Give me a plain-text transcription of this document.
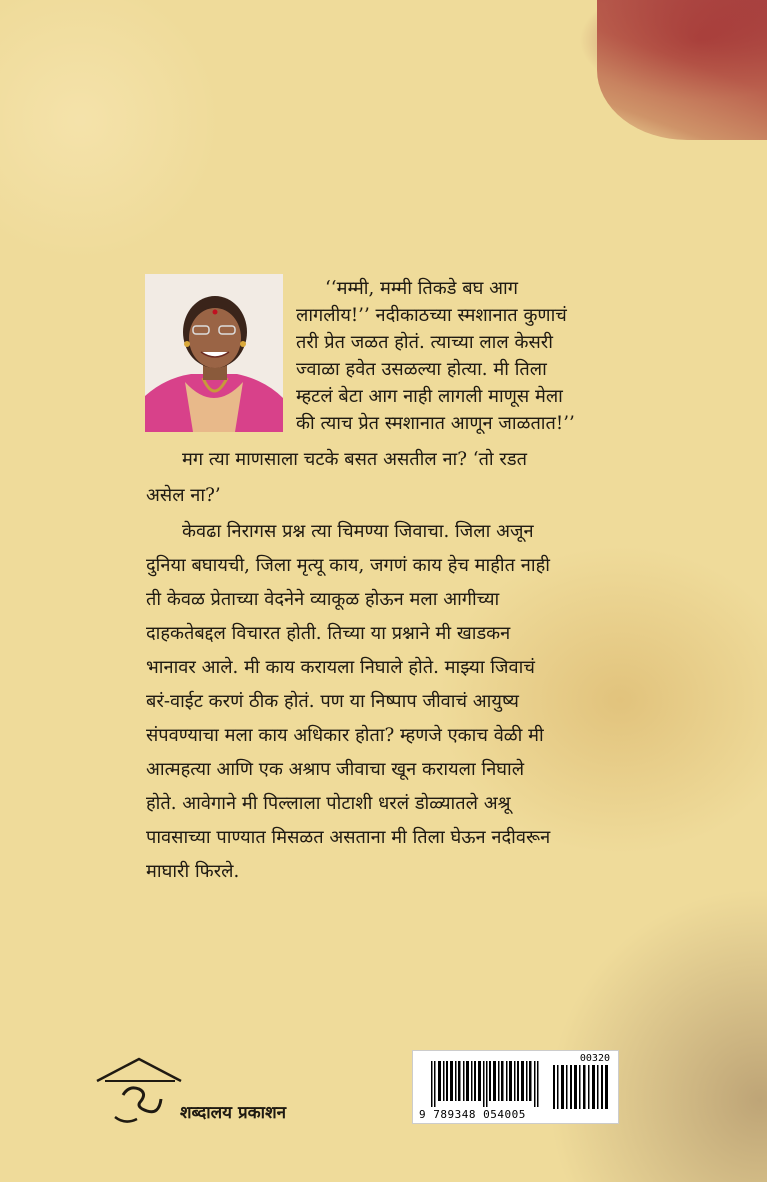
‘‘मम्मी, मम्मी तिकडे बघ आग
लागलीय!’’ नदीकाठच्या स्मशानात कुणाचं
तरी प्रेत जळत होतं. त्याच्या लाल केसरी
ज्वाळा हवेत उसळल्या होत्या. मी तिला
म्हटलं बेटा आग नाही लागली माणूस मेला
की त्याच प्रेत स्मशानात आणून जाळतात!’’
मग त्या माणसाला चटके बसत असतील ना? ‘तो रडत
असेल ना?’
केवढा निरागस प्रश्न त्या चिमण्या जिवाचा. जिला अजून
दुनिया बघायची, जिला मृत्यू काय, जगणं काय हेच माहीत नाही
ती केवळ प्रेताच्या वेदनेने व्याकूळ होऊन मला आगीच्या
दाहकतेबद्दल विचारत होती. तिच्या या प्रश्नाने मी खाडकन
भानावर आले. मी काय करायला निघाले होते. माझ्या जिवाचं
बरं-वाईट करणं ठीक होतं. पण या निष्पाप जीवाचं आयुष्य
संपवण्याचा मला काय अधिकार होता? म्हणजे एकाच वेळी मी
आत्महत्या आणि एक अश्राप जीवाचा खून करायला निघाले
होते. आवेगाने मी पिल्लाला पोटाशी धरलं डोळ्यातले अश्रू
पावसाच्या पाण्यात मिसळत असताना मी तिला घेऊन नदीवरून
माघारी फिरले.
शब्दालय प्रकाशन
00320
9 789348 054005
